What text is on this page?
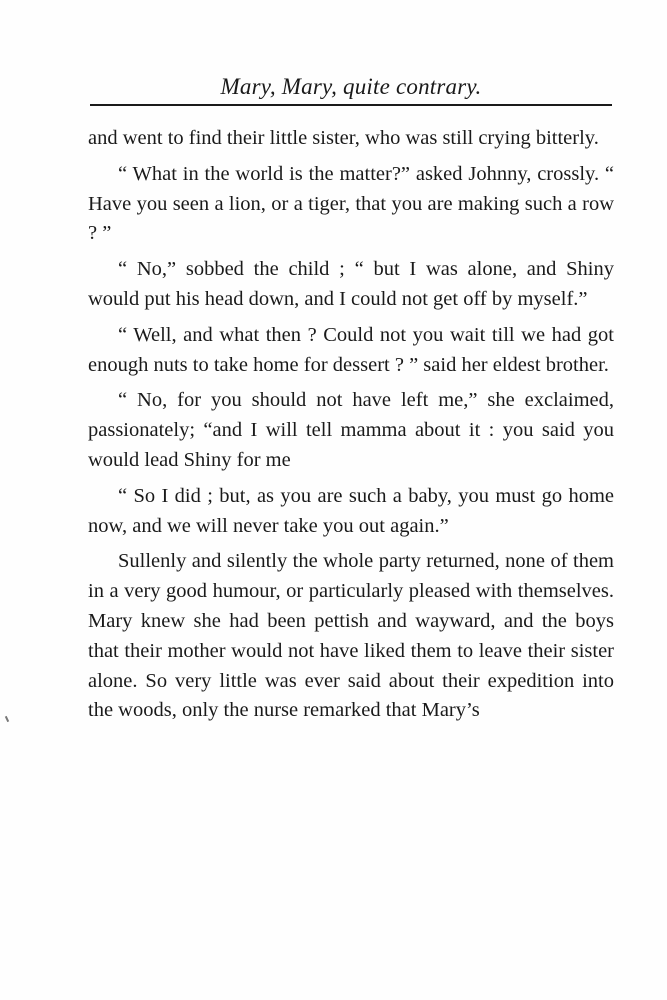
Mary, Mary, quite contrary.

and went to find their little sister, who was still crying bitterly.

“ What in the world is the matter?” asked Johnny, crossly. “ Have you seen a lion, or a tiger, that you are making such a row ? ”

“ No,” sobbed the child ; “ but I was alone, and Shiny would put his head down, and I could not get off by myself.”

“ Well, and what then ? Could not you wait till we had got enough nuts to take home for dessert ? ” said her eldest brother.

“ No, for you should not have left me,” she exclaimed, passionately; “and I will tell mamma about it : you said you would lead Shiny for me

“ So I did ; but, as you are such a baby, you must go home now, and we will never take you out again.”

Sullenly and silently the whole party returned, none of them in a very good humour, or particularly pleased with themselves. Mary knew she had been pettish and wayward, and the boys that their mother would not have liked them to leave their sister alone. So very little was ever said about their expedition into the woods, only the nurse remarked that Mary’s
